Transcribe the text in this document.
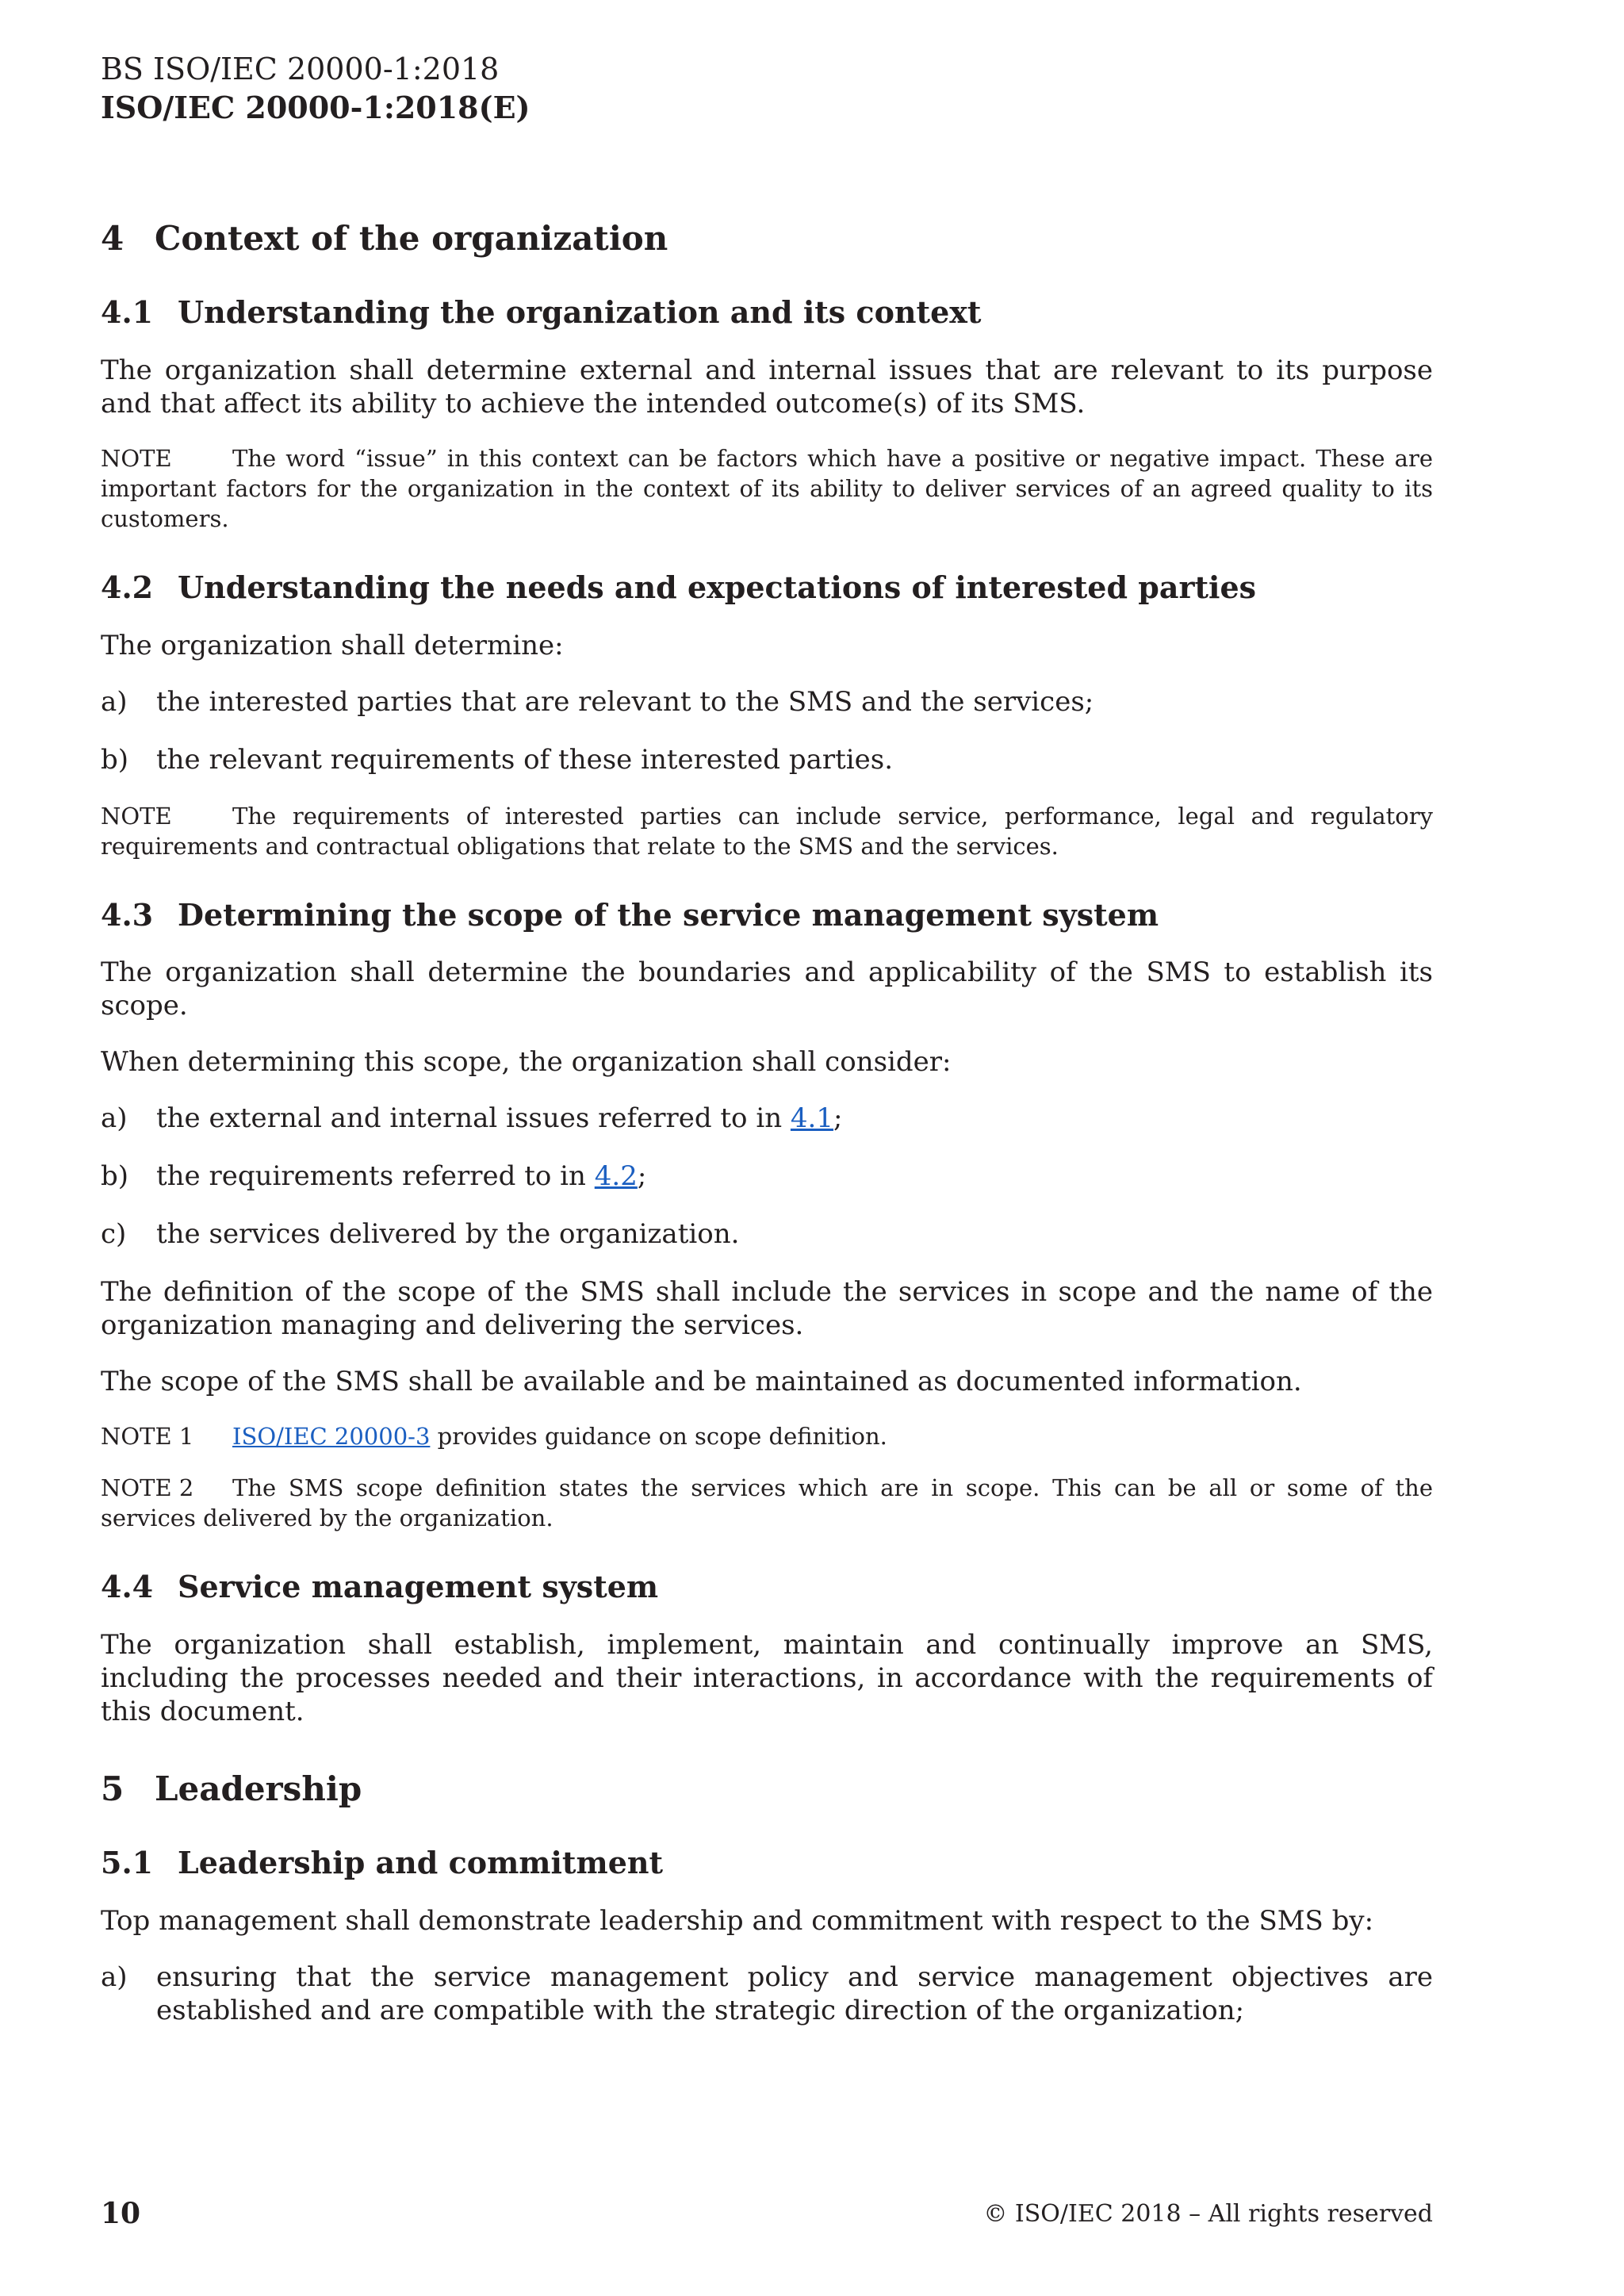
BS ISO/IEC 20000-1:2018
ISO/IEC 20000-1:2018(E)
4 Context of the organization
4.1 Understanding the organization and its context

The organization shall determine external and internal issues that are relevant to its purpose and that affect its ability to achieve the intended outcome(s) of its SMS.

NOTE	The word “issue” in this context can be factors which have a positive or negative impact. These are important factors for the organization in the context of its ability to deliver services of an agreed quality to its customers.
4.2 Understanding the needs and expectations of interested parties

The organization shall determine:

a)	the interested parties that are relevant to the SMS and the services;
b)	the relevant requirements of these interested parties.
NOTE	The requirements of interested parties can include service, performance, legal and regulatory requirements and contractual obligations that relate to the SMS and the services.
4.3 Determining the scope of the service management system

The organization shall determine the boundaries and applicability of the SMS to establish its scope.

When determining this scope, the organization shall consider:

a)	the external and internal issues referred to in 4.1;
b)	the requirements referred to in 4.2;
c)	the services delivered by the organization.

The definition of the scope of the SMS shall include the services in scope and the name of the organization managing and delivering the services.

The scope of the SMS shall be available and be maintained as documented information.

NOTE 1 ISO/IEC 20000-3 provides guidance on scope definition.
NOTE 2 The SMS scope definition states the services which are in scope. This can be all or some of the services delivered by the organization.
4.4 Service management system

The organization shall establish, implement, maintain and continually improve an SMS, including the processes needed and their interactions, in accordance with the requirements of this document.

5 Leadership
5.1 Leadership and commitment

Top management shall demonstrate leadership and commitment with respect to the SMS by:

a)	ensuring that the service management policy and service management objectives are established and are compatible with the strategic direction of the organization;
10	© ISO/IEC 2018 – All rights reserved
